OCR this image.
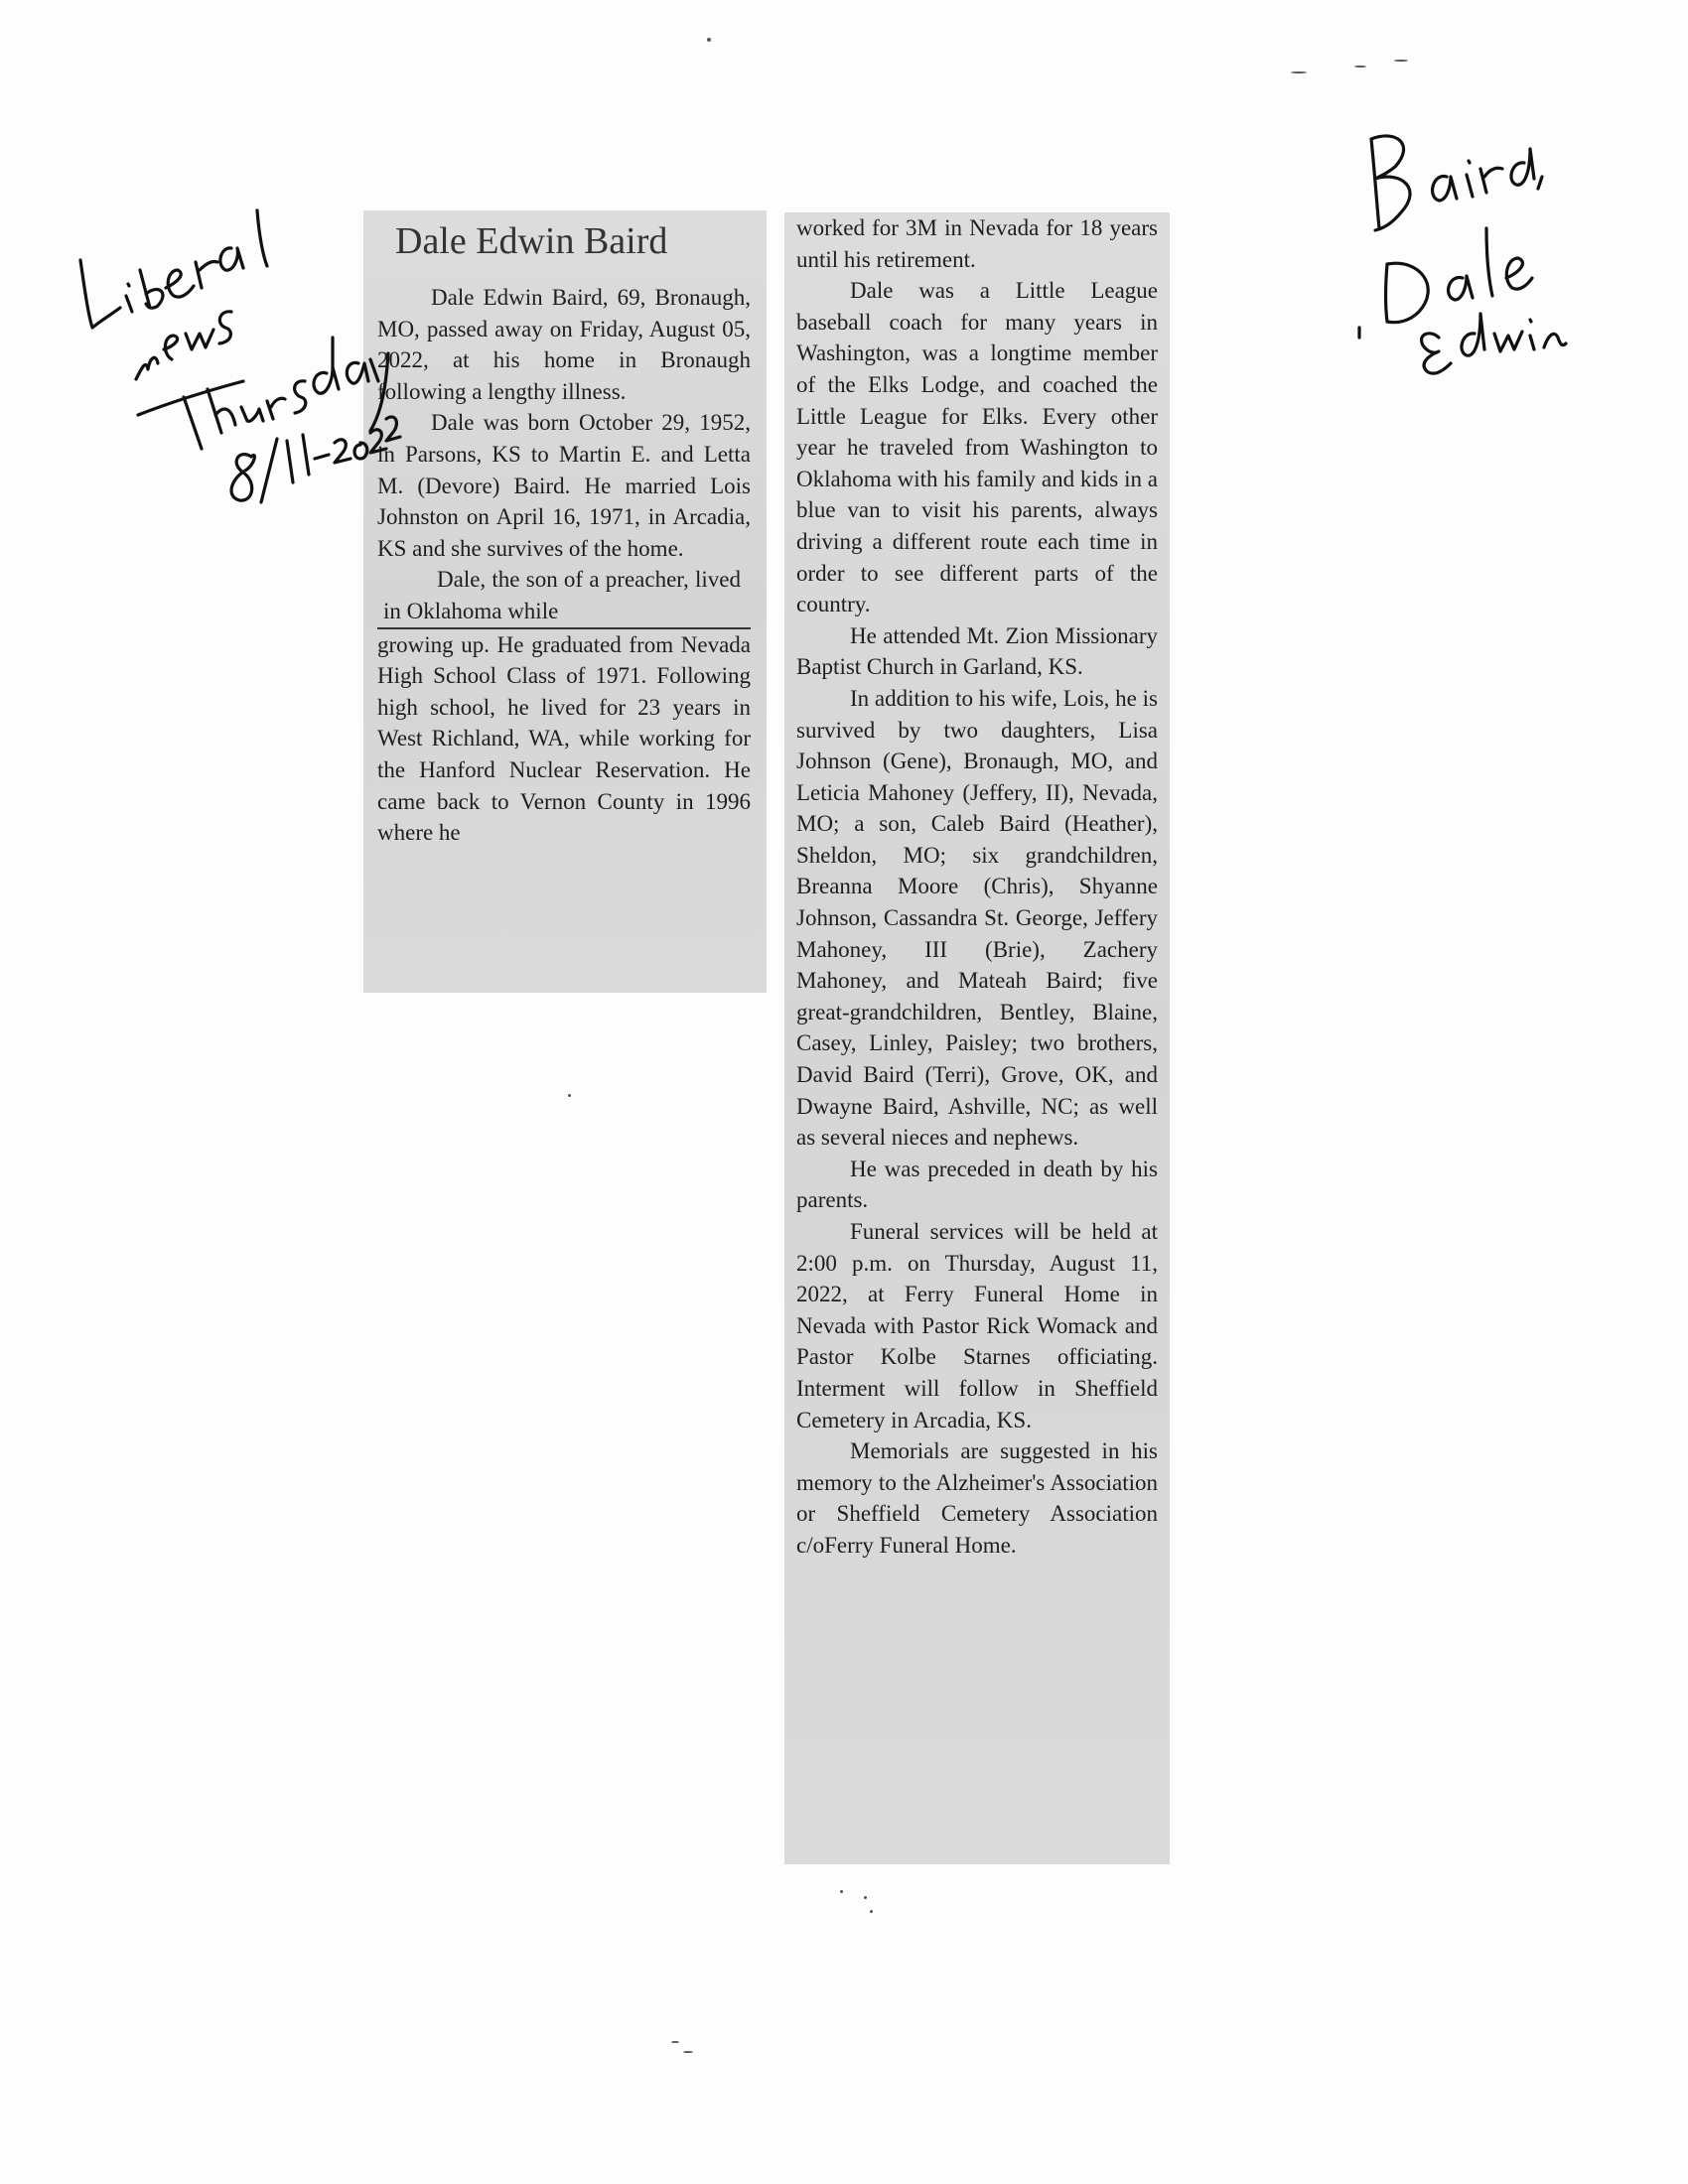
Dale Edwin Baird

Dale Edwin Baird, 69, Bronaugh, MO, passed away on Friday, August 05, 2022, at his home in Bronaugh following a lengthy illness.

Dale was born October 29, 1952, in Parsons, KS to Martin E. and Letta M. (Devore) Baird. He married Lois Johnston on April 16, 1971, in Arcadia, KS and she survives of the home.

Dale, the son of a preacher, lived in Oklahoma while

growing up. He graduated from Nevada High School Class of 1971. Following high school, he lived for 23 years in West Richland, WA, while working for the Hanford Nuclear Reservation. He came back to Vernon County in 1996 where he

worked for 3M in Nevada for 18 years until his retirement.

Dale was a Little League baseball coach for many years in Washington, was a longtime member of the Elks Lodge, and coached the Little League for Elks. Every other year he traveled from Washington to Oklahoma with his family and kids in a blue van to visit his parents, always driving a different route each time in order to see different parts of the country.

He attended Mt. Zion Missionary Baptist Church in Garland, KS.

In addition to his wife, Lois, he is survived by two daughters, Lisa Johnson (Gene), Bronaugh, MO, and Leticia Mahoney (Jeffery, II), Nevada, MO; a son, Caleb Baird (Heather), Sheldon, MO; six grandchildren, Breanna Moore (Chris), Shyanne Johnson, Cassandra St. George, Jeffery Mahoney, III (Brie), Zachery Mahoney, and Mateah Baird; five great-grandchildren, Bentley, Blaine, Casey, Linley, Paisley; two brothers, David Baird (Terri), Grove, OK, and Dwayne Baird, Ashville, NC; as well as several nieces and nephews.

He was preceded in death by his parents.

Funeral services will be held at 2:00 p.m. on Thursday, August 11, 2022, at Ferry Funeral Home in Nevada with Pastor Rick Womack and Pastor Kolbe Starnes officiating. Interment will follow in Sheffield Cemetery in Arcadia, KS.

Memorials are suggested in his memory to the Alzheimer's Association or Sheffield Cemetery Association c/oFerry Funeral Home.
